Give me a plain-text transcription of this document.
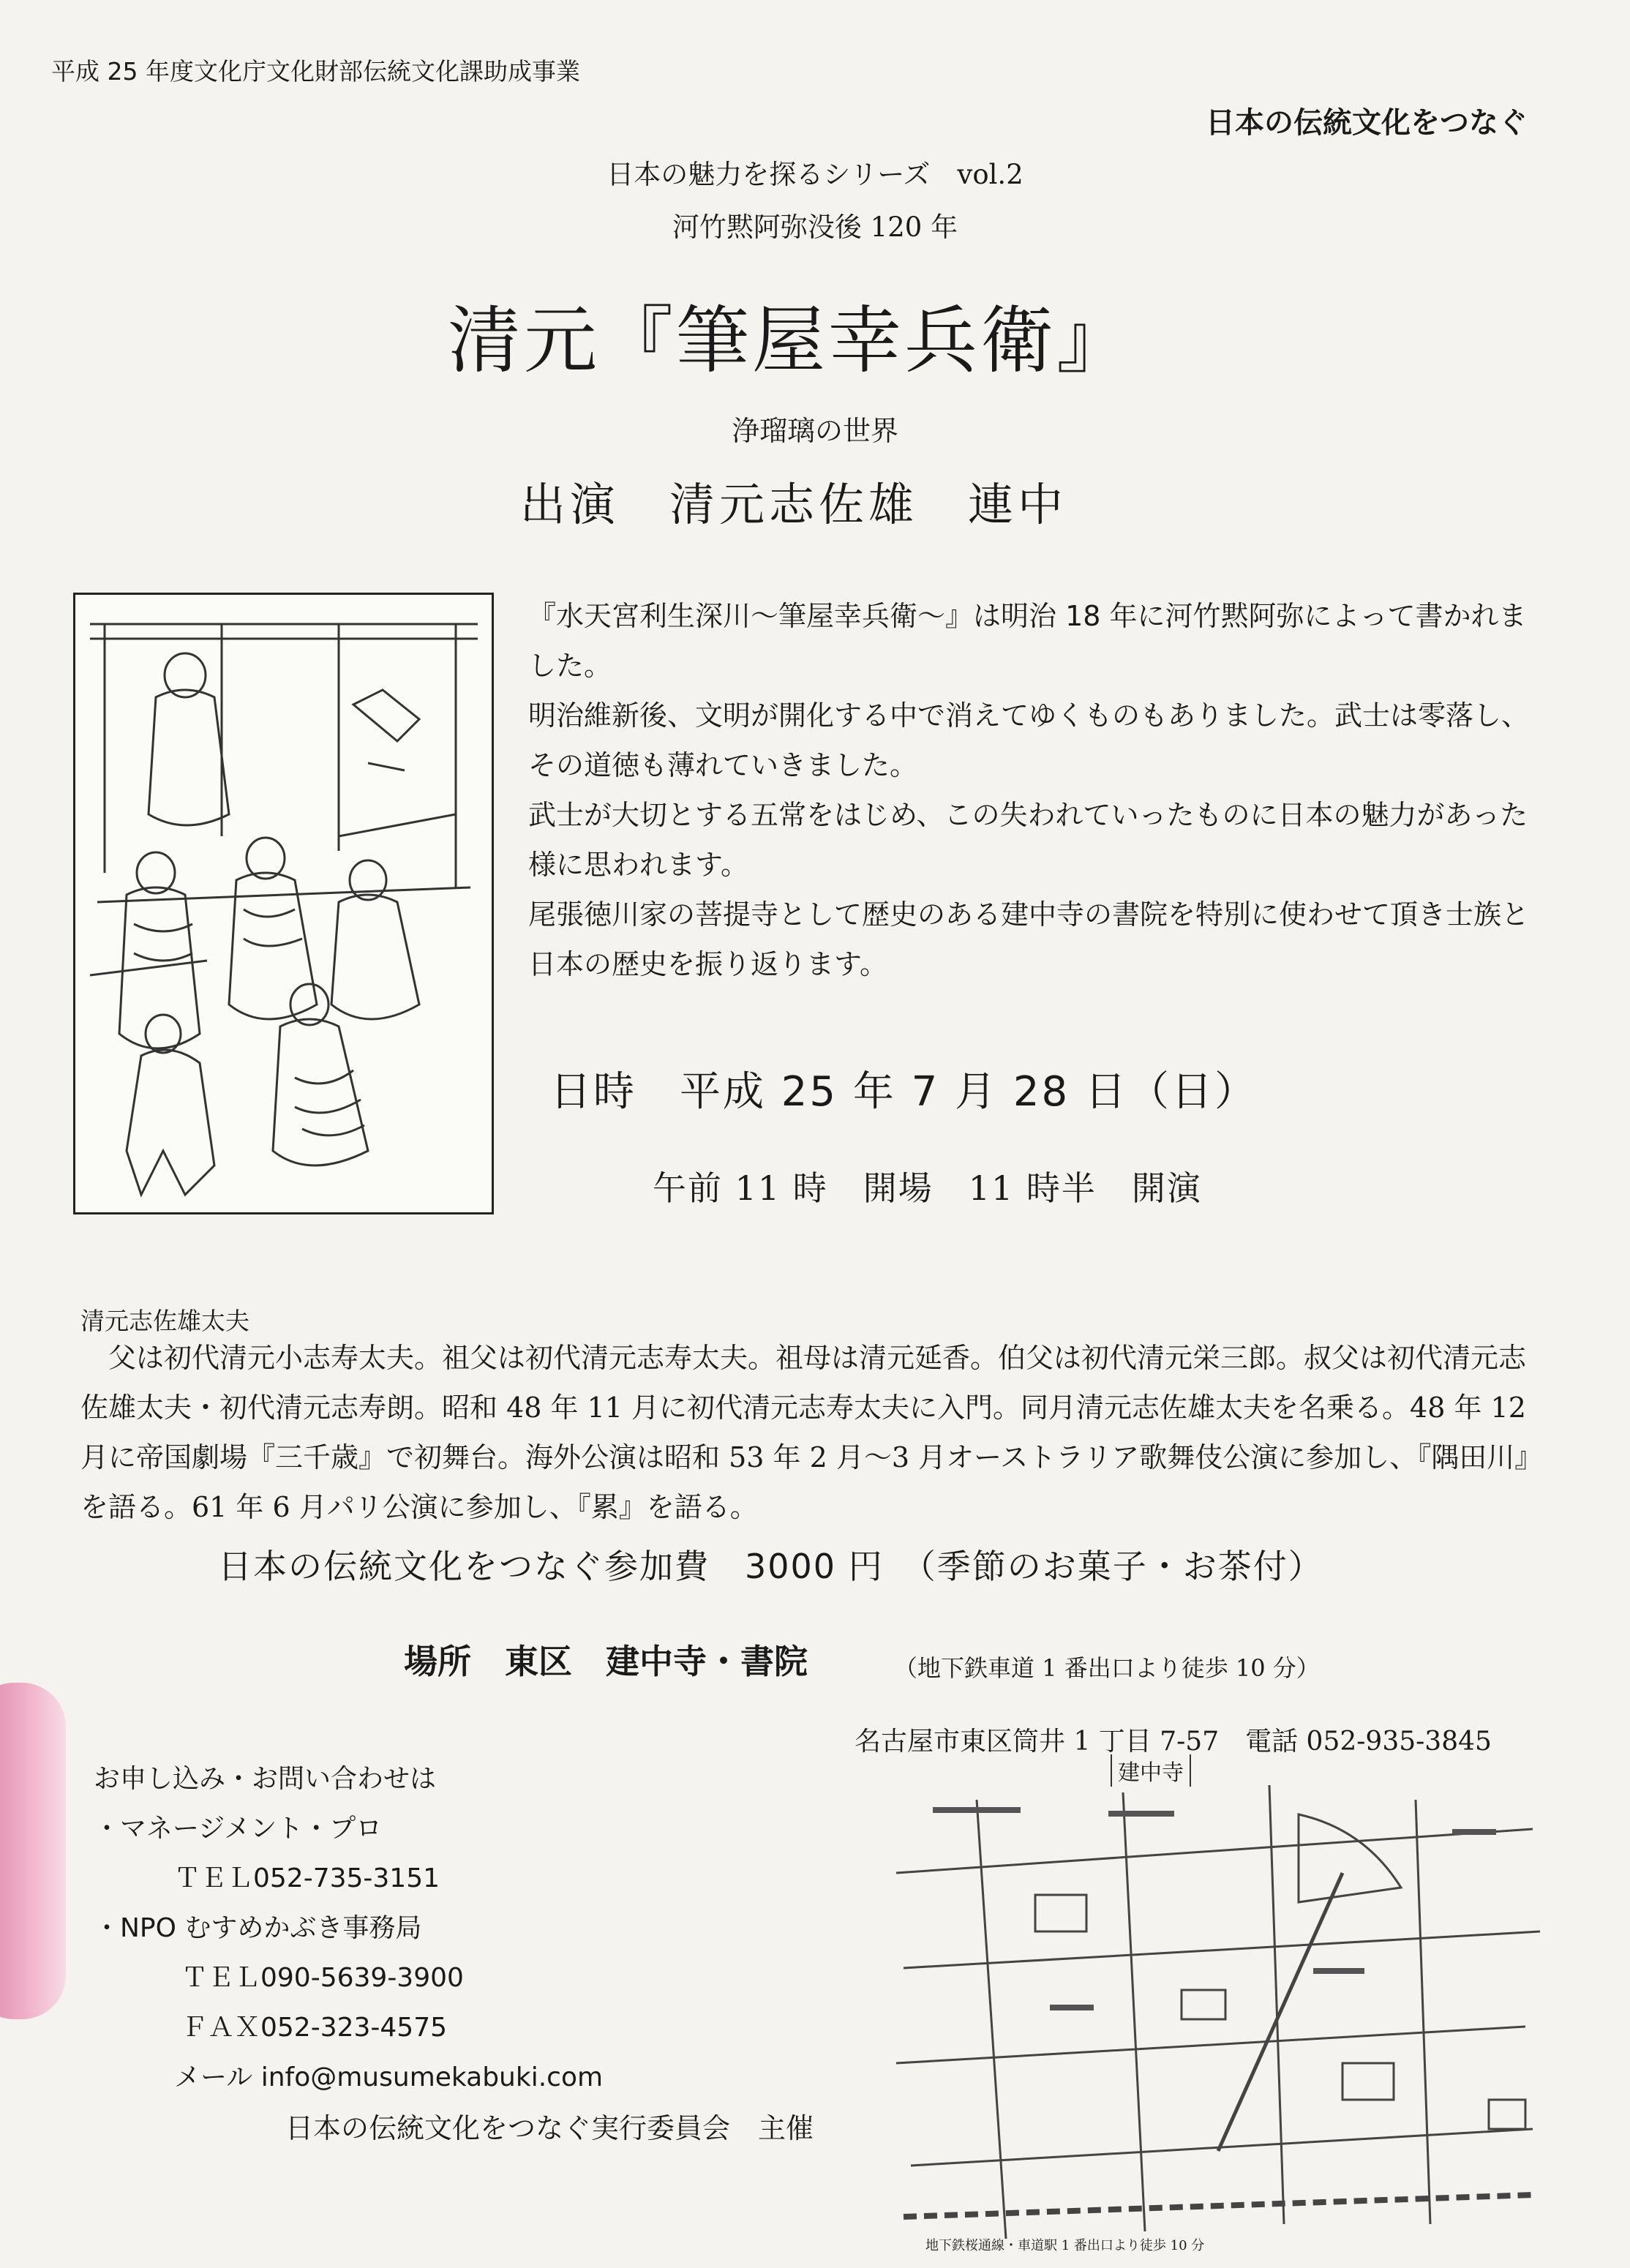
平成 25 年度文化庁文化財部伝統文化課助成事業
日本の伝統文化をつなぐ
日本の魅力を探るシリーズ　vol.2
河竹黙阿弥没後 120 年
清元『筆屋幸兵衛』
浄瑠璃の世界
出演　清元志佐雄　連中

『水天宮利生深川～筆屋幸兵衛～』は明治 18 年に河竹黙阿弥によって書かれました。

明治維新後、文明が開化する中で消えてゆくものもありました。武士は零落し、その道徳も薄れていきました。

武士が大切とする五常をはじめ、この失われていったものに日本の魅力があった様に思われます。

尾張徳川家の菩提寺として歴史のある建中寺の書院を特別に使わせて頂き士族と日本の歴史を振り返ります。

日時　平成 25 年 7 月 28 日（日）
午前 11 時　開場　11 時半　開演
清元志佐雄太夫
父は初代清元小志寿太夫。祖父は初代清元志寿太夫。祖母は清元延香。伯父は初代清元栄三郎。叔父は初代清元志佐雄太夫・初代清元志寿朗。昭和 48 年 11 月に初代清元志寿太夫に入門。同月清元志佐雄太夫を名乗る。48 年 12 月に帝国劇場『三千歳』で初舞台。海外公演は昭和 53 年 2 月～3 月オーストラリア歌舞伎公演に参加し、『隅田川』を語る。61 年 6 月パリ公演に参加し、『累』を語る。
日本の伝統文化をつなぐ参加費　3000 円　（季節のお菓子・お茶付）
場所　東区　建中寺・書院	（地下鉄車道 1 番出口より徒歩 10 分）
名古屋市東区筒井 1 丁目 7-57　電話 052-935-3845
建中寺
お申し込み・お問い合わせは
・マネージメント・プロ
ＴＥＬ052-735-3151
・NPO むすめかぶき事務局
ＴＥＬ090-5639-3900
ＦＡＸ052-323-4575
メール info@musumekabuki.com
日本の伝統文化をつなぐ実行委員会　主催
地下鉄桜通線・車道駅 1 番出口より徒歩 10 分
